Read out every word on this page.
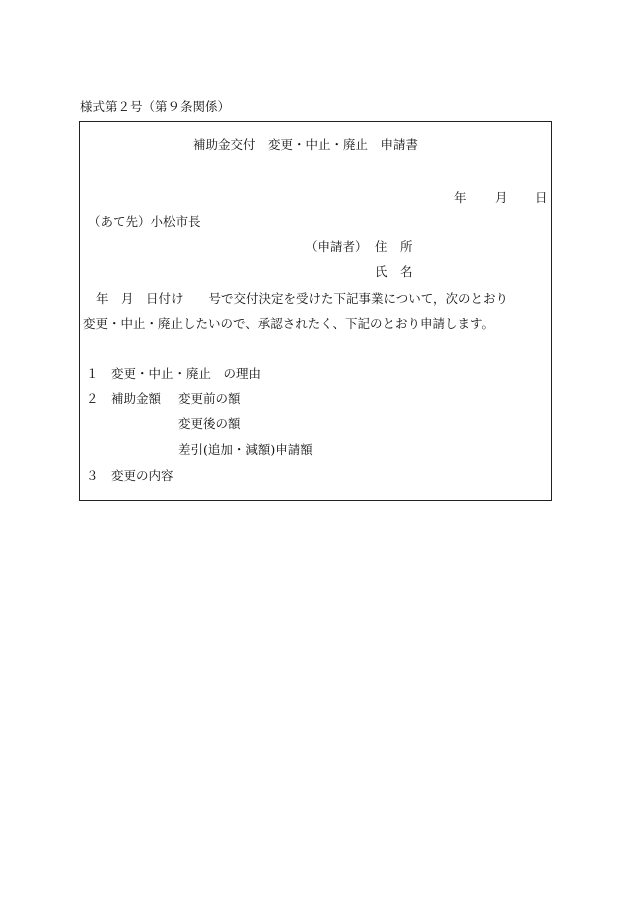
様式第２号（第９条関係）
補助金交付　変更・中止・廃止　申請書
年 月 日
（あて先）小松市長
（申請者） 住　所
氏　名
年　月　日付け　　号で交付決定を受けた下記事業について，次のとおり
変更・中止・廃止したいので、承認されたく、下記のとおり申請します。
１ 変更・中止・廃止　の理由
２ 補助金額 変更前の額
変更後の額
差引(追加・減額)申請額
３ 変更の内容
